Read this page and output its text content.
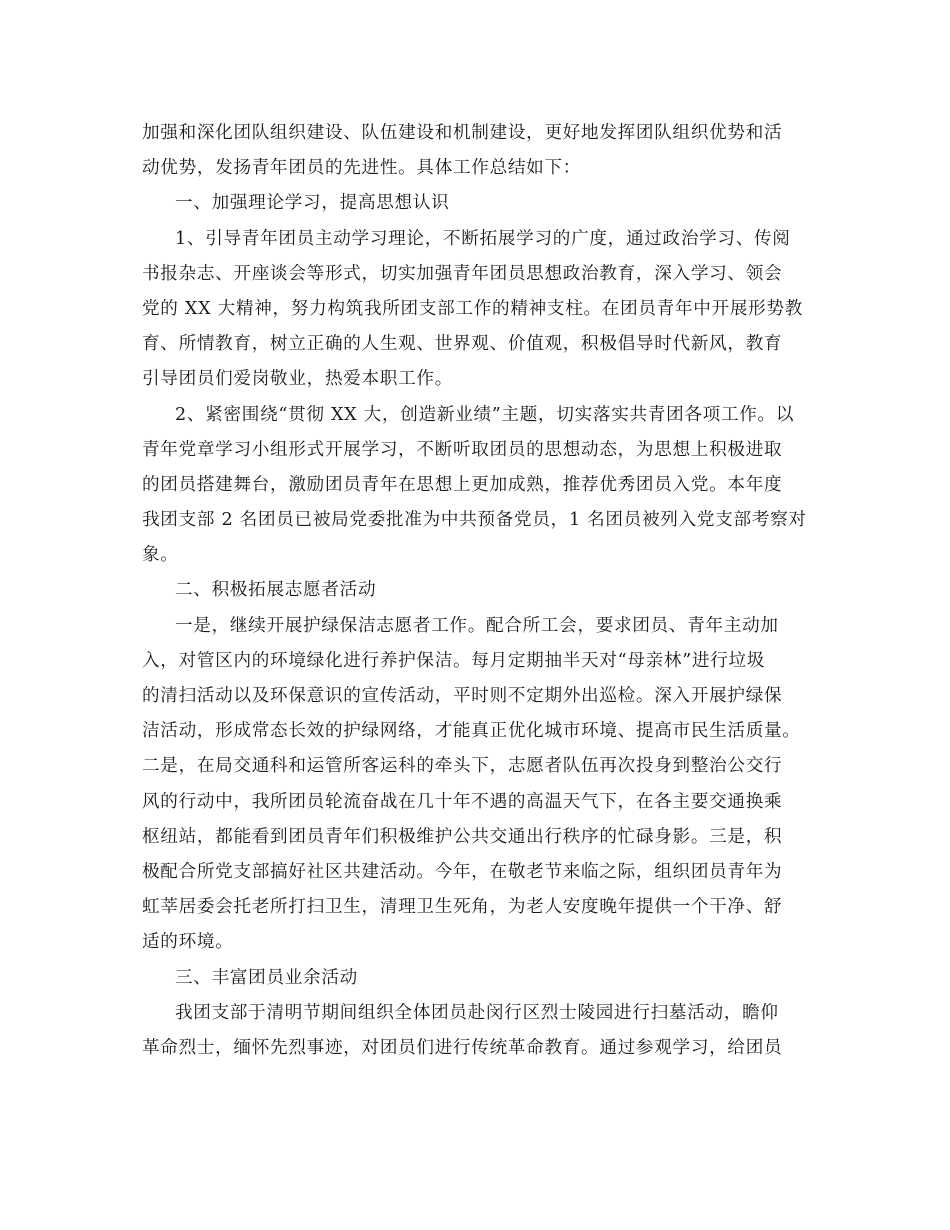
加强和深化团队组织建设、队伍建设和机制建设，更好地发挥团队组织优势和活
动优势，发扬青年团员的先进性。具体工作总结如下：
一、加强理论学习，提高思想认识
1、引导青年团员主动学习理论，不断拓展学习的广度，通过政治学习、传阅
书报杂志、开座谈会等形式，切实加强青年团员思想政治教育，深入学习、领会
党的 XX 大精神，努力构筑我所团支部工作的精神支柱。在团员青年中开展形势教
育、所情教育，树立正确的人生观、世界观、价值观，积极倡导时代新风，教育
引导团员们爱岗敬业，热爱本职工作。
2、紧密围绕“贯彻 XX 大，创造新业绩”主题，切实落实共青团各项工作。以
青年党章学习小组形式开展学习，不断听取团员的思想动态，为思想上积极进取
的团员搭建舞台，激励团员青年在思想上更加成熟，推荐优秀团员入党。本年度
我团支部 2 名团员已被局党委批准为中共预备党员，1 名团员被列入党支部考察对
象。
二、积极拓展志愿者活动
一是，继续开展护绿保洁志愿者工作。配合所工会，要求团员、青年主动加
入，对管区内的环境绿化进行养护保洁。每月定期抽半天对“母亲林”进行垃圾
的清扫活动以及环保意识的宣传活动，平时则不定期外出巡检。深入开展护绿保
洁活动，形成常态长效的护绿网络，才能真正优化城市环境、提高市民生活质量。
二是，在局交通科和运管所客运科的牵头下，志愿者队伍再次投身到整治公交行
风的行动中，我所团员轮流奋战在几十年不遇的高温天气下，在各主要交通换乘
枢纽站，都能看到团员青年们积极维护公共交通出行秩序的忙碌身影。三是，积
极配合所党支部搞好社区共建活动。今年，在敬老节来临之际，组织团员青年为
虹莘居委会托老所打扫卫生，清理卫生死角，为老人安度晚年提供一个干净、舒
适的环境。
三、丰富团员业余活动
我团支部于清明节期间组织全体团员赴闵行区烈士陵园进行扫墓活动，瞻仰
革命烈士，缅怀先烈事迹，对团员们进行传统革命教育。通过参观学习，给团员
